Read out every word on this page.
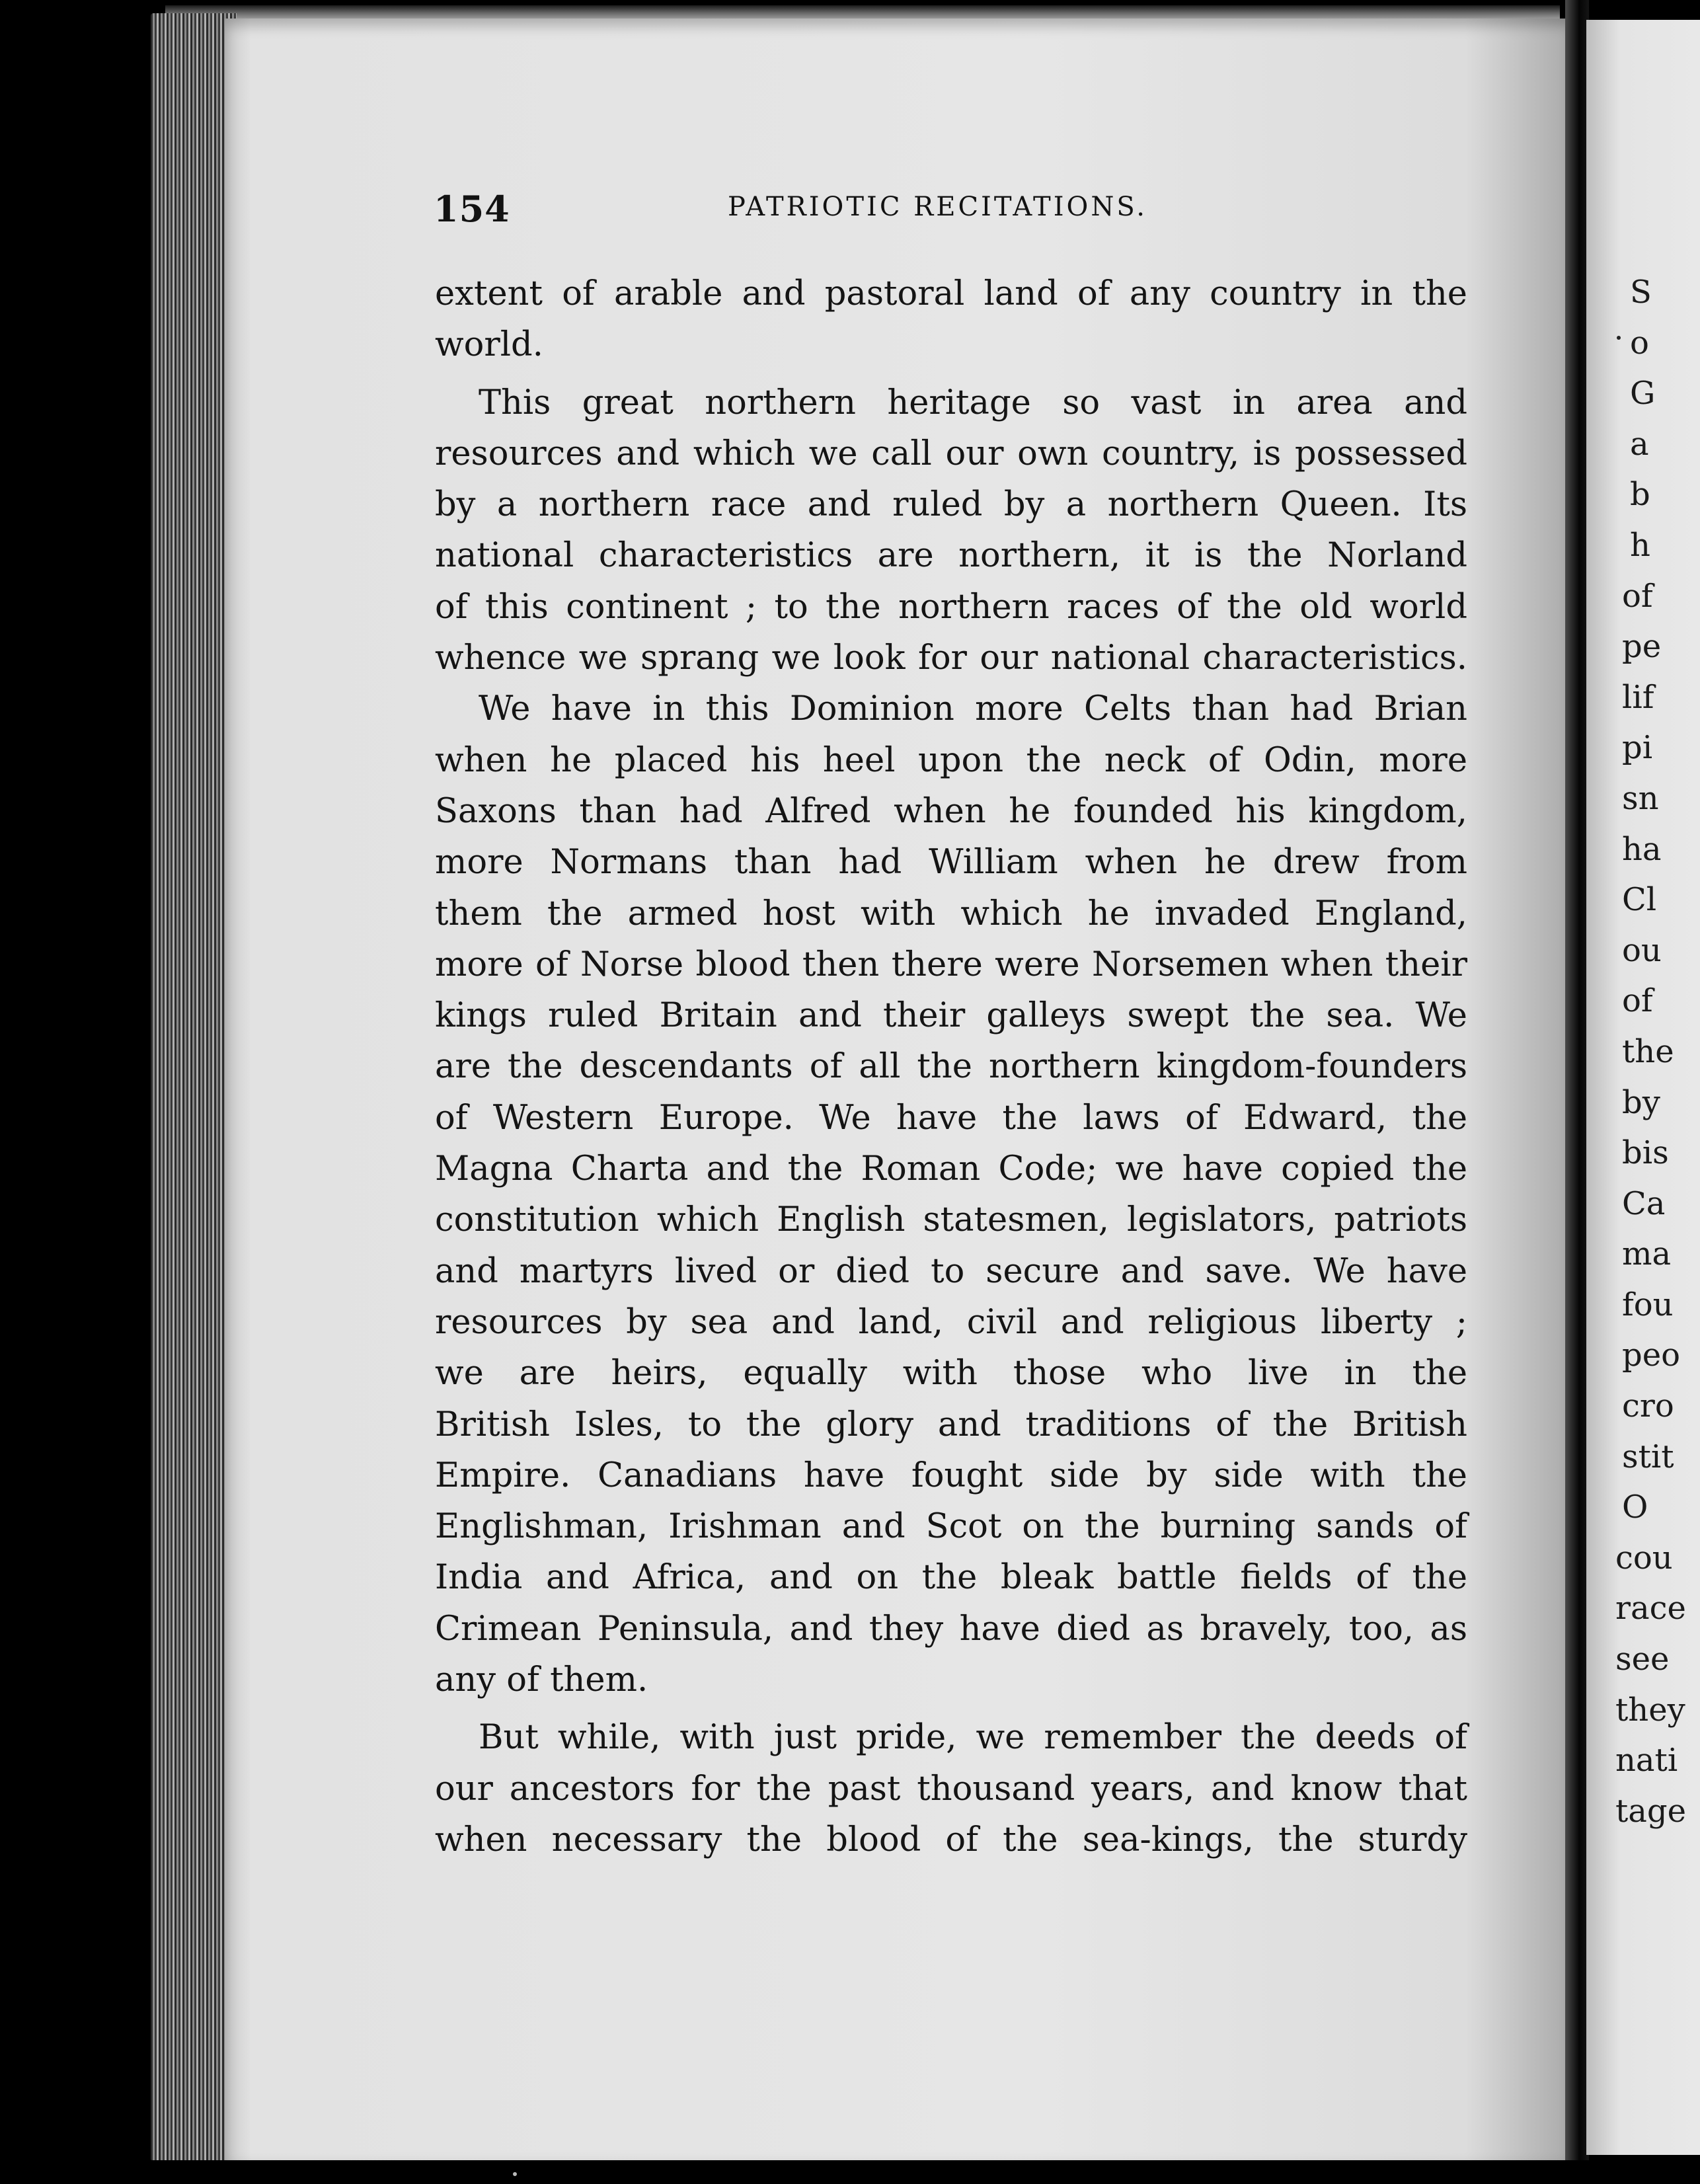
154	PATRIOTIC RECITATIONS.
extent of arable and pastoral land of any country in the
world.
This great northern heritage so vast in area and
resources and which we call our own country, is possessed
by a northern race and ruled by a northern Queen. Its
national characteristics are northern, it is the Norland
of this continent ; to the northern races of the old world
whence we sprang we look for our national characteristics.
We have in this Dominion more Celts than had Brian
when he placed his heel upon the neck of Odin, more
Saxons than had Alfred when he founded his kingdom,
more Normans than had William when he drew from
them the armed host with which he invaded England,
more of Norse blood then there were Norsemen when their
kings ruled Britain and their galleys swept the sea. We
are the descendants of all the northern kingdom-founders
of Western Europe. We have the laws of Edward, the
Magna Charta and the Roman Code; we have copied the
constitution which English statesmen, legislators, patriots
and martyrs lived or died to secure and save. We have
resources by sea and land, civil and religious liberty ;
we are heirs, equally with those who live in the
British Isles, to the glory and traditions of the British
Empire. Canadians have fought side by side with the
Englishman, Irishman and Scot on the burning sands of
India and Africa, and on the bleak battle fields of the
Crimean Peninsula, and they have died as bravely, too, as
any of them.
But while, with just pride, we remember the deeds of
our ancestors for the past thousand years, and know that
when necessary the blood of the sea-kings, the sturdy
S
o
G
a
b
h
of
pe
lif
pi
sn
ha
Cl
ou
of
the
by
bis
Ca
ma
fou
peo
cro
stit
O
cou
race
see
they
nati
tage
